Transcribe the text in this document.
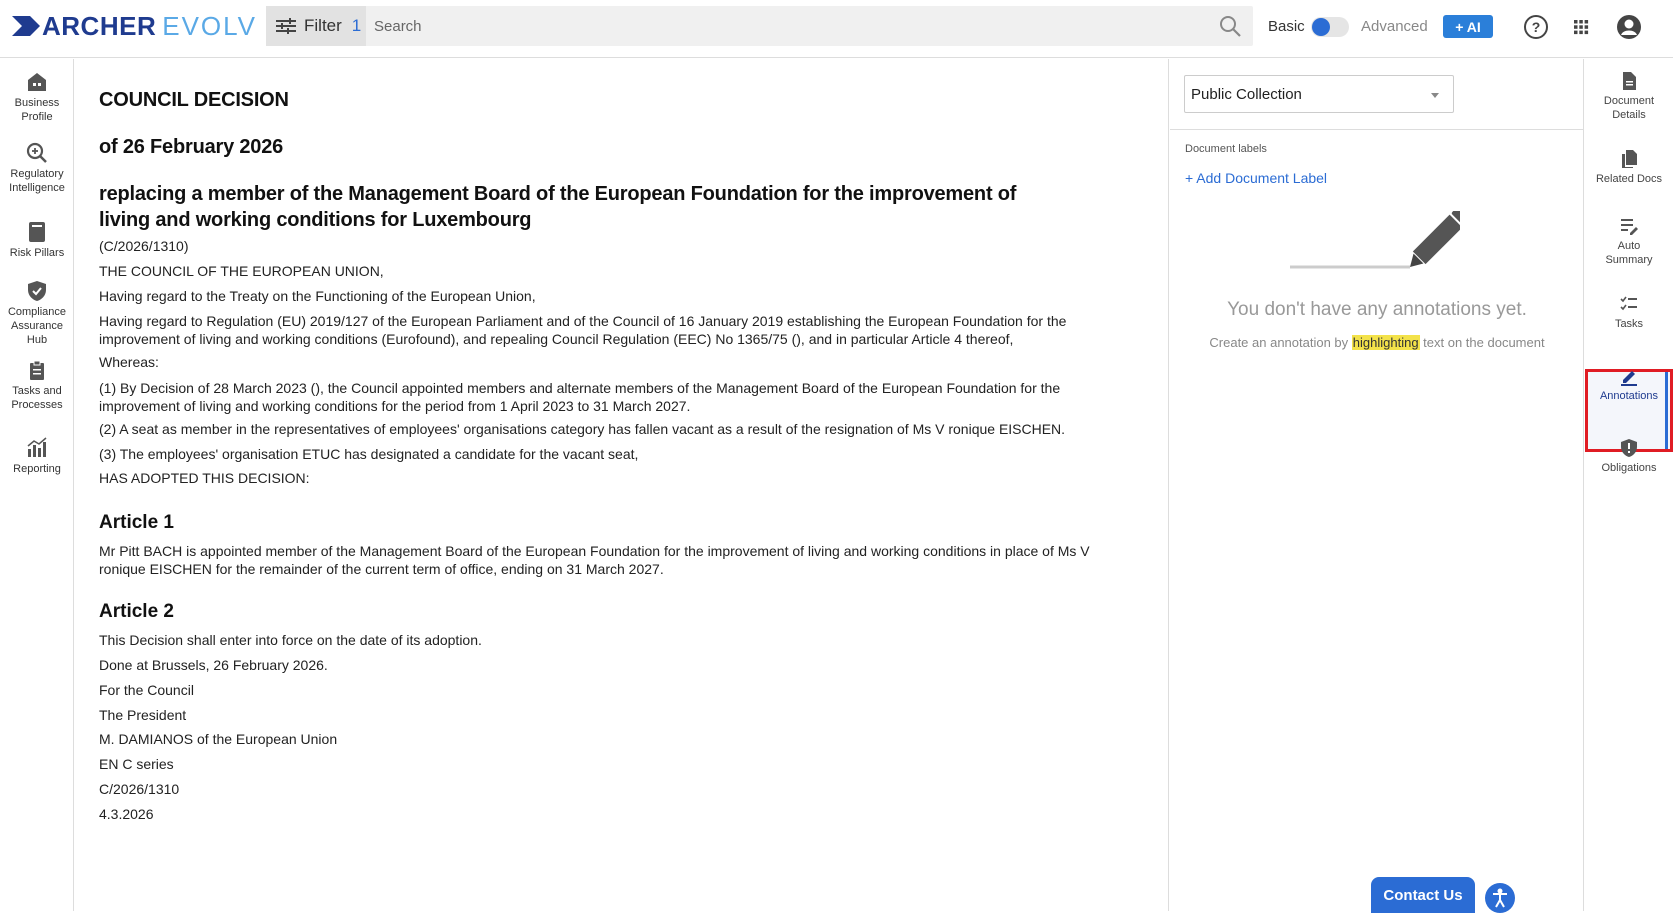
ARCHER EVOLV	Filter 1
Search	Basic	Advanced	+ AI	?
Business
Profile
Regulatory
Intelligence
Risk Pillars
Compliance
Assurance
Hub
Tasks and
Processes
Reporting
COUNCIL DECISION
of 26 February 2026
replacing a member of the Management Board of the European Foundation for the improvement of living and working conditions for Luxembourg

(C/2026/1310)

THE COUNCIL OF THE EUROPEAN UNION,

Having regard to the Treaty on the Functioning of the European Union,

Having regard to Regulation (EU) 2019/127 of the European Parliament and of the Council of 16 January 2019 establishing the European Foundation for the improvement of living and working conditions (Eurofound), and repealing Council Regulation (EEC) No 1365/75 (), and in particular Article 4 thereof,

Whereas:

(1) By Decision of 28 March 2023 (), the Council appointed members and alternate members of the Management Board of the European Foundation for the improvement of living and working conditions for the period from 1 April 2023 to 31 March 2027.

(2) A seat as member in the representatives of employees' organisations category has fallen vacant as a result of the resignation of Ms V ronique EISCHEN.

(3) The employees' organisation ETUC has designated a candidate for the vacant seat,

HAS ADOPTED THIS DECISION:

Article 1

Mr Pitt BACH is appointed member of the Management Board of the European Foundation for the improvement of living and working conditions in place of Ms V ronique EISCHEN for the remainder of the current term of office, ending on 31 March 2027.

Article 2

This Decision shall enter into force on the date of its adoption.

Done at Brussels, 26 February 2026.

For the Council

The President

M. DAMIANOS of the European Union

EN C series

C/2026/1310

4.3.2026

Public Collection
Document labels
+ Add Document Label
You don't have any annotations yet.
Create an annotation by highlighting text on the document
Document
Details
Related Docs
Auto
Summary
Tasks
Annotations
Obligations
Contact Us
